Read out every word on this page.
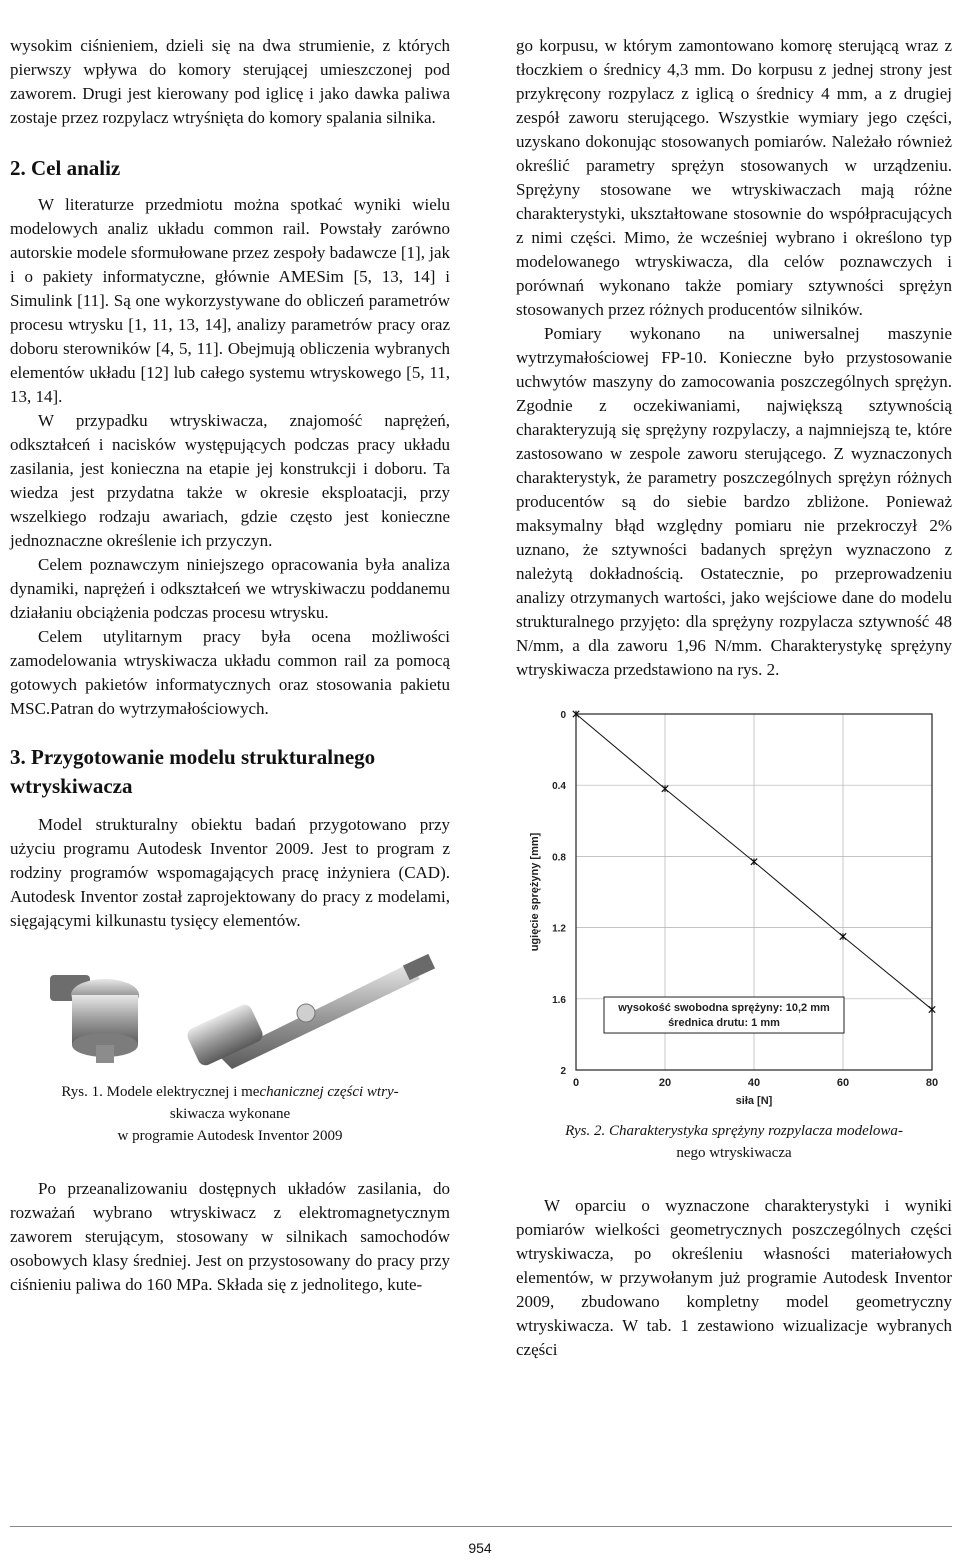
wysokim ciśnieniem, dzieli się na dwa strumienie, z których pierwszy wpływa do komory sterującej umieszczonej pod zaworem. Drugi jest kierowany pod iglicę i jako dawka paliwa zostaje przez rozpylacz wtryśnięta do komory spalania silnika.

2. Cel analiz

W literaturze przedmiotu można spotkać wyniki wielu modelowych analiz układu common rail. Powstały zarówno autorskie modele sformułowane przez zespoły badawcze [1], jak i o pakiety informatyczne, głównie AMESim [5, 13, 14] i Simulink [11]. Są one wykorzystywane do obliczeń parametrów procesu wtrysku [1, 11, 13, 14], analizy parametrów pracy oraz doboru sterowników [4, 5, 11]. Obejmują obliczenia wybranych elementów układu [12] lub całego systemu wtryskowego [5, 11, 13, 14].

W przypadku wtryskiwacza, znajomość naprężeń, odkształceń i nacisków występujących podczas pracy układu zasilania, jest konieczna na etapie jej konstrukcji i doboru. Ta wiedza jest przydatna także w okresie eksploatacji, przy wszelkiego rodzaju awariach, gdzie często jest konieczne jednoznaczne określenie ich przyczyn.

Celem poznawczym niniejszego opracowania była analiza dynamiki, naprężeń i odkształceń we wtryskiwaczu poddanemu działaniu obciążenia podczas procesu wtrysku.

Celem utylitarnym pracy była ocena możliwości zamodelowania wtryskiwacza układu common rail za pomocą gotowych pakietów informatycznych oraz stosowania pakietu MSC.Patran do wytrzymałościowych.

3. Przygotowanie modelu strukturalnego wtryskiwacza

Model strukturalny obiektu badań przygotowano przy użyciu programu Autodesk Inventor 2009. Jest to program z rodziny programów wspomagających pracę inżyniera (CAD). Autodesk Inventor został zaprojektowany do pracy z modelami, sięgającymi kilkunastu tysięcy elementów.

Rys. 1. Modele elektrycznej i mechanicznej części wtry-
skiwacza wykonane
w programie Autodesk Inventor 2009

Po przeanalizowaniu dostępnych układów zasilania, do rozważań wybrano wtryskiwacz z elektromagnetycznym zaworem sterującym, stosowany w silnikach samochodów osobowych klasy średniej. Jest on przystosowany do pracy przy ciśnieniu paliwa do 160 MPa. Składa się z jednolitego, kute-

go korpusu, w którym zamontowano komorę sterującą wraz z tłoczkiem o średnicy 4,3 mm. Do korpusu z jednej strony jest przykręcony rozpylacz z iglicą o średnicy 4 mm, a z drugiej zespół zaworu sterującego. Wszystkie wymiary jego części, uzyskano dokonując stosowanych pomiarów. Należało również określić parametry sprężyn stosowanych w urządzeniu. Sprężyny stosowane we wtryskiwaczach mają różne charakterystyki, ukształtowane stosownie do współpracujących z nimi części. Mimo, że wcześniej wybrano i określono typ modelowanego wtryskiwacza, dla celów poznawczych i porównań wykonano także pomiary sztywności sprężyn stosowanych przez różnych producentów silników.

Pomiary wykonano na uniwersalnej maszynie wytrzymałościowej FP-10. Konieczne było przystosowanie uchwytów maszyny do zamocowania poszczególnych sprężyn. Zgodnie z oczekiwaniami, największą sztywnością charakteryzują się sprężyny rozpylaczy, a najmniejszą te, które zastosowano w zespole zaworu sterującego. Z wyznaczonych charakterystyk, że parametry poszczególnych sprężyn różnych producentów są do siebie bardzo zbliżone. Ponieważ maksymalny błąd względny pomiaru nie przekroczył 2% uznano, że sztywności badanych sprężyn wyznaczono z należytą dokładnością. Ostatecznie, po przeprowadzeniu analizy otrzymanych wartości, jako wejściowe dane do modelu strukturalnego przyjęto: dla sprężyny rozpylacza sztywność 48 N/mm, a dla zaworu 1,96 N/mm. Charakterystykę sprężyny wtryskiwacza przedstawiono na rys. 2.

0	20	40	60	80
0
0.4
0.8
1.2
1.6
2
wysokość swobodna sprężyny: 10,2 mm
średnica drutu: 1 mm
siła [N]
ugięcie sprężyny [mm]

Rys. 2. Charakterystyka sprężyny rozpylacza modelowa-
nego wtryskiwacza

W oparciu o wyznaczone charakterystyki i wyniki pomiarów wielkości geometrycznych poszczególnych części wtryskiwacza, po określeniu własności materiałowych elementów, w przywołanym już programie Autodesk Inventor 2009, zbudowano kompletny model geometryczny wtryskiwacza. W tab. 1 zestawiono wizualizacje wybranych części

954
